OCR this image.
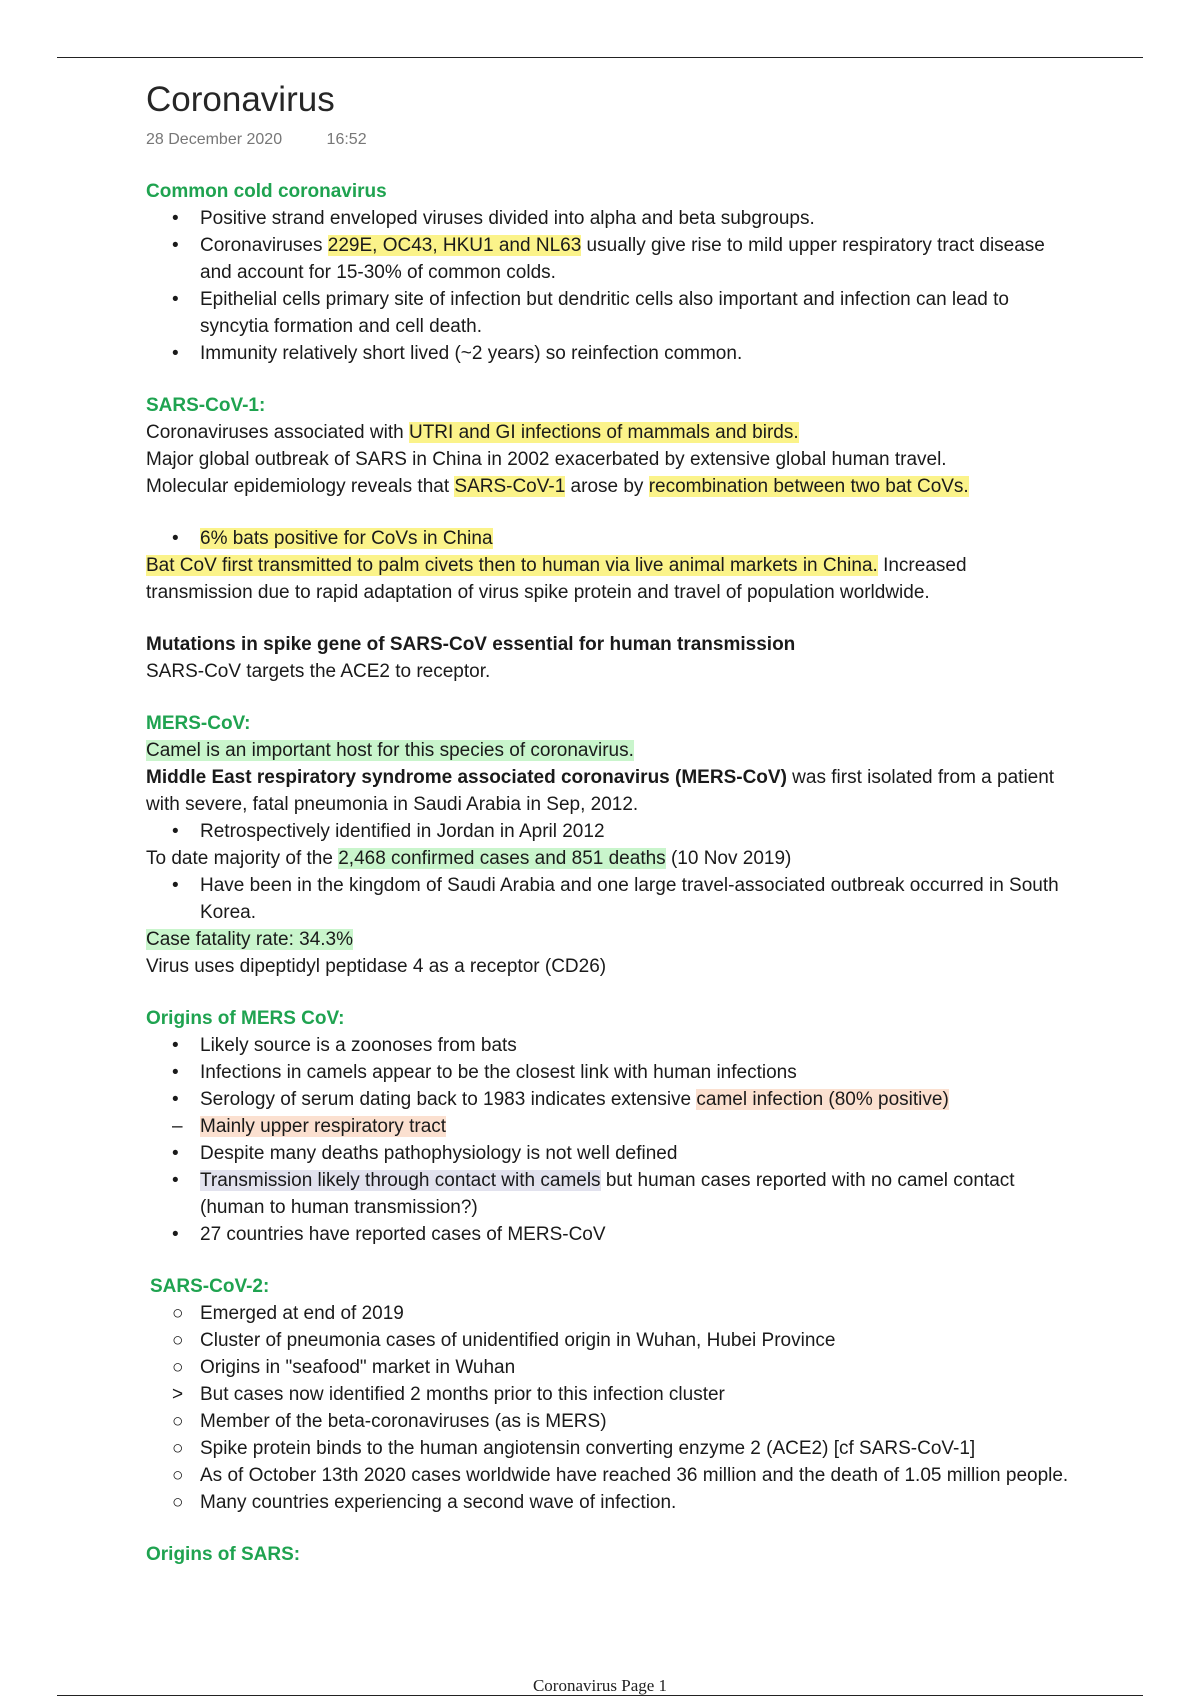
Coronavirus
28 December 2020	16:52
Common cold coronavirus
•	Positive strand enveloped viruses divided into alpha and beta subgroups.
•	Coronaviruses 229E, OC43, HKU1 and NL63 usually give rise to mild upper respiratory tract disease and account for 15-30% of common colds.
•	Epithelial cells primary site of infection but dendritic cells also important and infection can lead to syncytia formation and cell death.
•	Immunity relatively short lived (~2 years) so reinfection common.
SARS-CoV-1:

Coronaviruses associated with UTRI and GI infections of mammals and birds.

Major global outbreak of SARS in China in 2002 exacerbated by extensive global human travel.

Molecular epidemiology reveals that SARS-CoV-1 arose by recombination between two bat CoVs.

•	6% bats positive for CoVs in China

Bat CoV first transmitted to palm civets then to human via live animal markets in China. Increased transmission due to rapid adaptation of virus spike protein and travel of population worldwide.

Mutations in spike gene of SARS-CoV essential for human transmission

SARS-CoV targets the ACE2 to receptor.

MERS-CoV:

Camel is an important host for this species of coronavirus.

Middle East respiratory syndrome associated coronavirus (MERS-CoV) was first isolated from a patient with severe, fatal pneumonia in Saudi Arabia in Sep, 2012.

•	Retrospectively identified in Jordan in April 2012

To date majority of the 2,468 confirmed cases and 851 deaths (10 Nov 2019)

•	Have been in the kingdom of Saudi Arabia and one large travel-associated outbreak occurred in South Korea.

Case fatality rate: 34.3%

Virus uses dipeptidyl peptidase 4 as a receptor (CD26)

Origins of MERS CoV:
•	Likely source is a zoonoses from bats
•	Infections in camels appear to be the closest link with human infections
•	Serology of serum dating back to 1983 indicates extensive camel infection (80% positive)
– Mainly upper respiratory tract
•	Despite many deaths pathophysiology is not well defined
•	Transmission likely through contact with camels but human cases reported with no camel contact (human to human transmission?)
•	27 countries have reported cases of MERS-CoV
SARS-CoV-2:
○ Emerged at end of 2019
○ Cluster of pneumonia cases of unidentified origin in Wuhan, Hubei Province
○ Origins in "seafood" market in Wuhan
> But cases now identified 2 months prior to this infection cluster
○ Member of the beta-coronaviruses (as is MERS)
○ Spike protein binds to the human angiotensin converting enzyme 2 (ACE2) [cf SARS-CoV-1]
○ As of October 13th 2020 cases worldwide have reached 36 million and the death of 1.05 million people.
○ Many countries experiencing a second wave of infection.
Origins of SARS:
Coronavirus Page 1
